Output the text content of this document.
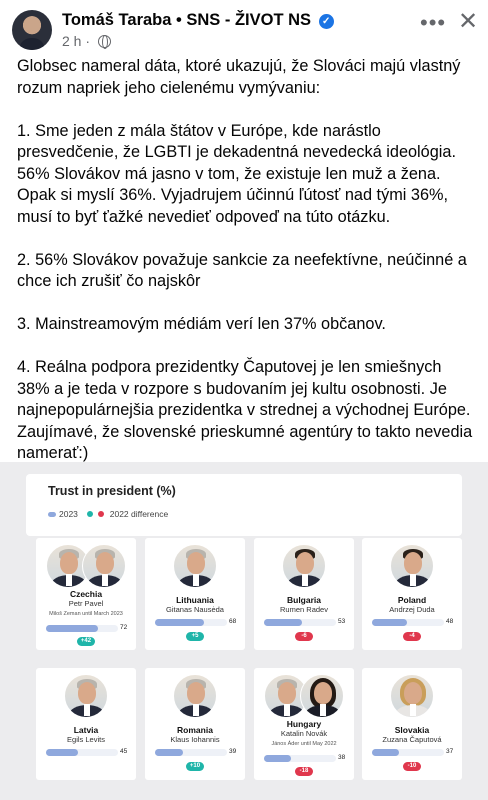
Tomáš Taraba • SNS - ŽIVOT NS ✓
2 h ·
••• ✕

Globsec nameral dáta, ktoré ukazujú, že Slováci majú vlastný rozum napriek jeho cielenému vymývaniu:

1. Sme jeden z mála štátov v Európe, kde narástlo presvedčenie, že LGBTI je dekadentná nevedecká ideológia. 56% Slovákov má jasno v tom, že existuje len muž a žena. Opak si myslí 36%. Vyjadrujem účinnú ľútosť nad tými 36%, musí to byť ťažké nevedieť odpoveď na túto otázku.

2. 56% Slovákov považuje sankcie za neefektívne, neúčinné a chce ich zrušiť čo najskôr

3. Mainstreamovým médiám verí len 37% občanov.

4. Reálna podpora prezidentky Čaputovej je len smiešnych 38% a je teda v rozpore s budovaním jej kultu osobnosti. Je najnepopulárnejšia prezidentka v strednej a východnej Európe. Zaujímavé, že slovenské prieskumné agentúry to takto nevedia namerať:)

Trust in president (%)
2023	2022 difference
Czechia
Petr Pavel
Miloš Zeman until March 2023
72
+42
Lithuania
Gitanas Nausėda
68
+5
Bulgaria
Rumen Radev
53
-6
Poland
Andrzej Duda
48
-4
Latvia
Egils Levits
45
Romania
Klaus Iohannis
39
+10
Hungary
Katalin Novák
János Áder until May 2022
38
-18
Slovakia
Zuzana Čaputová
37
-10
